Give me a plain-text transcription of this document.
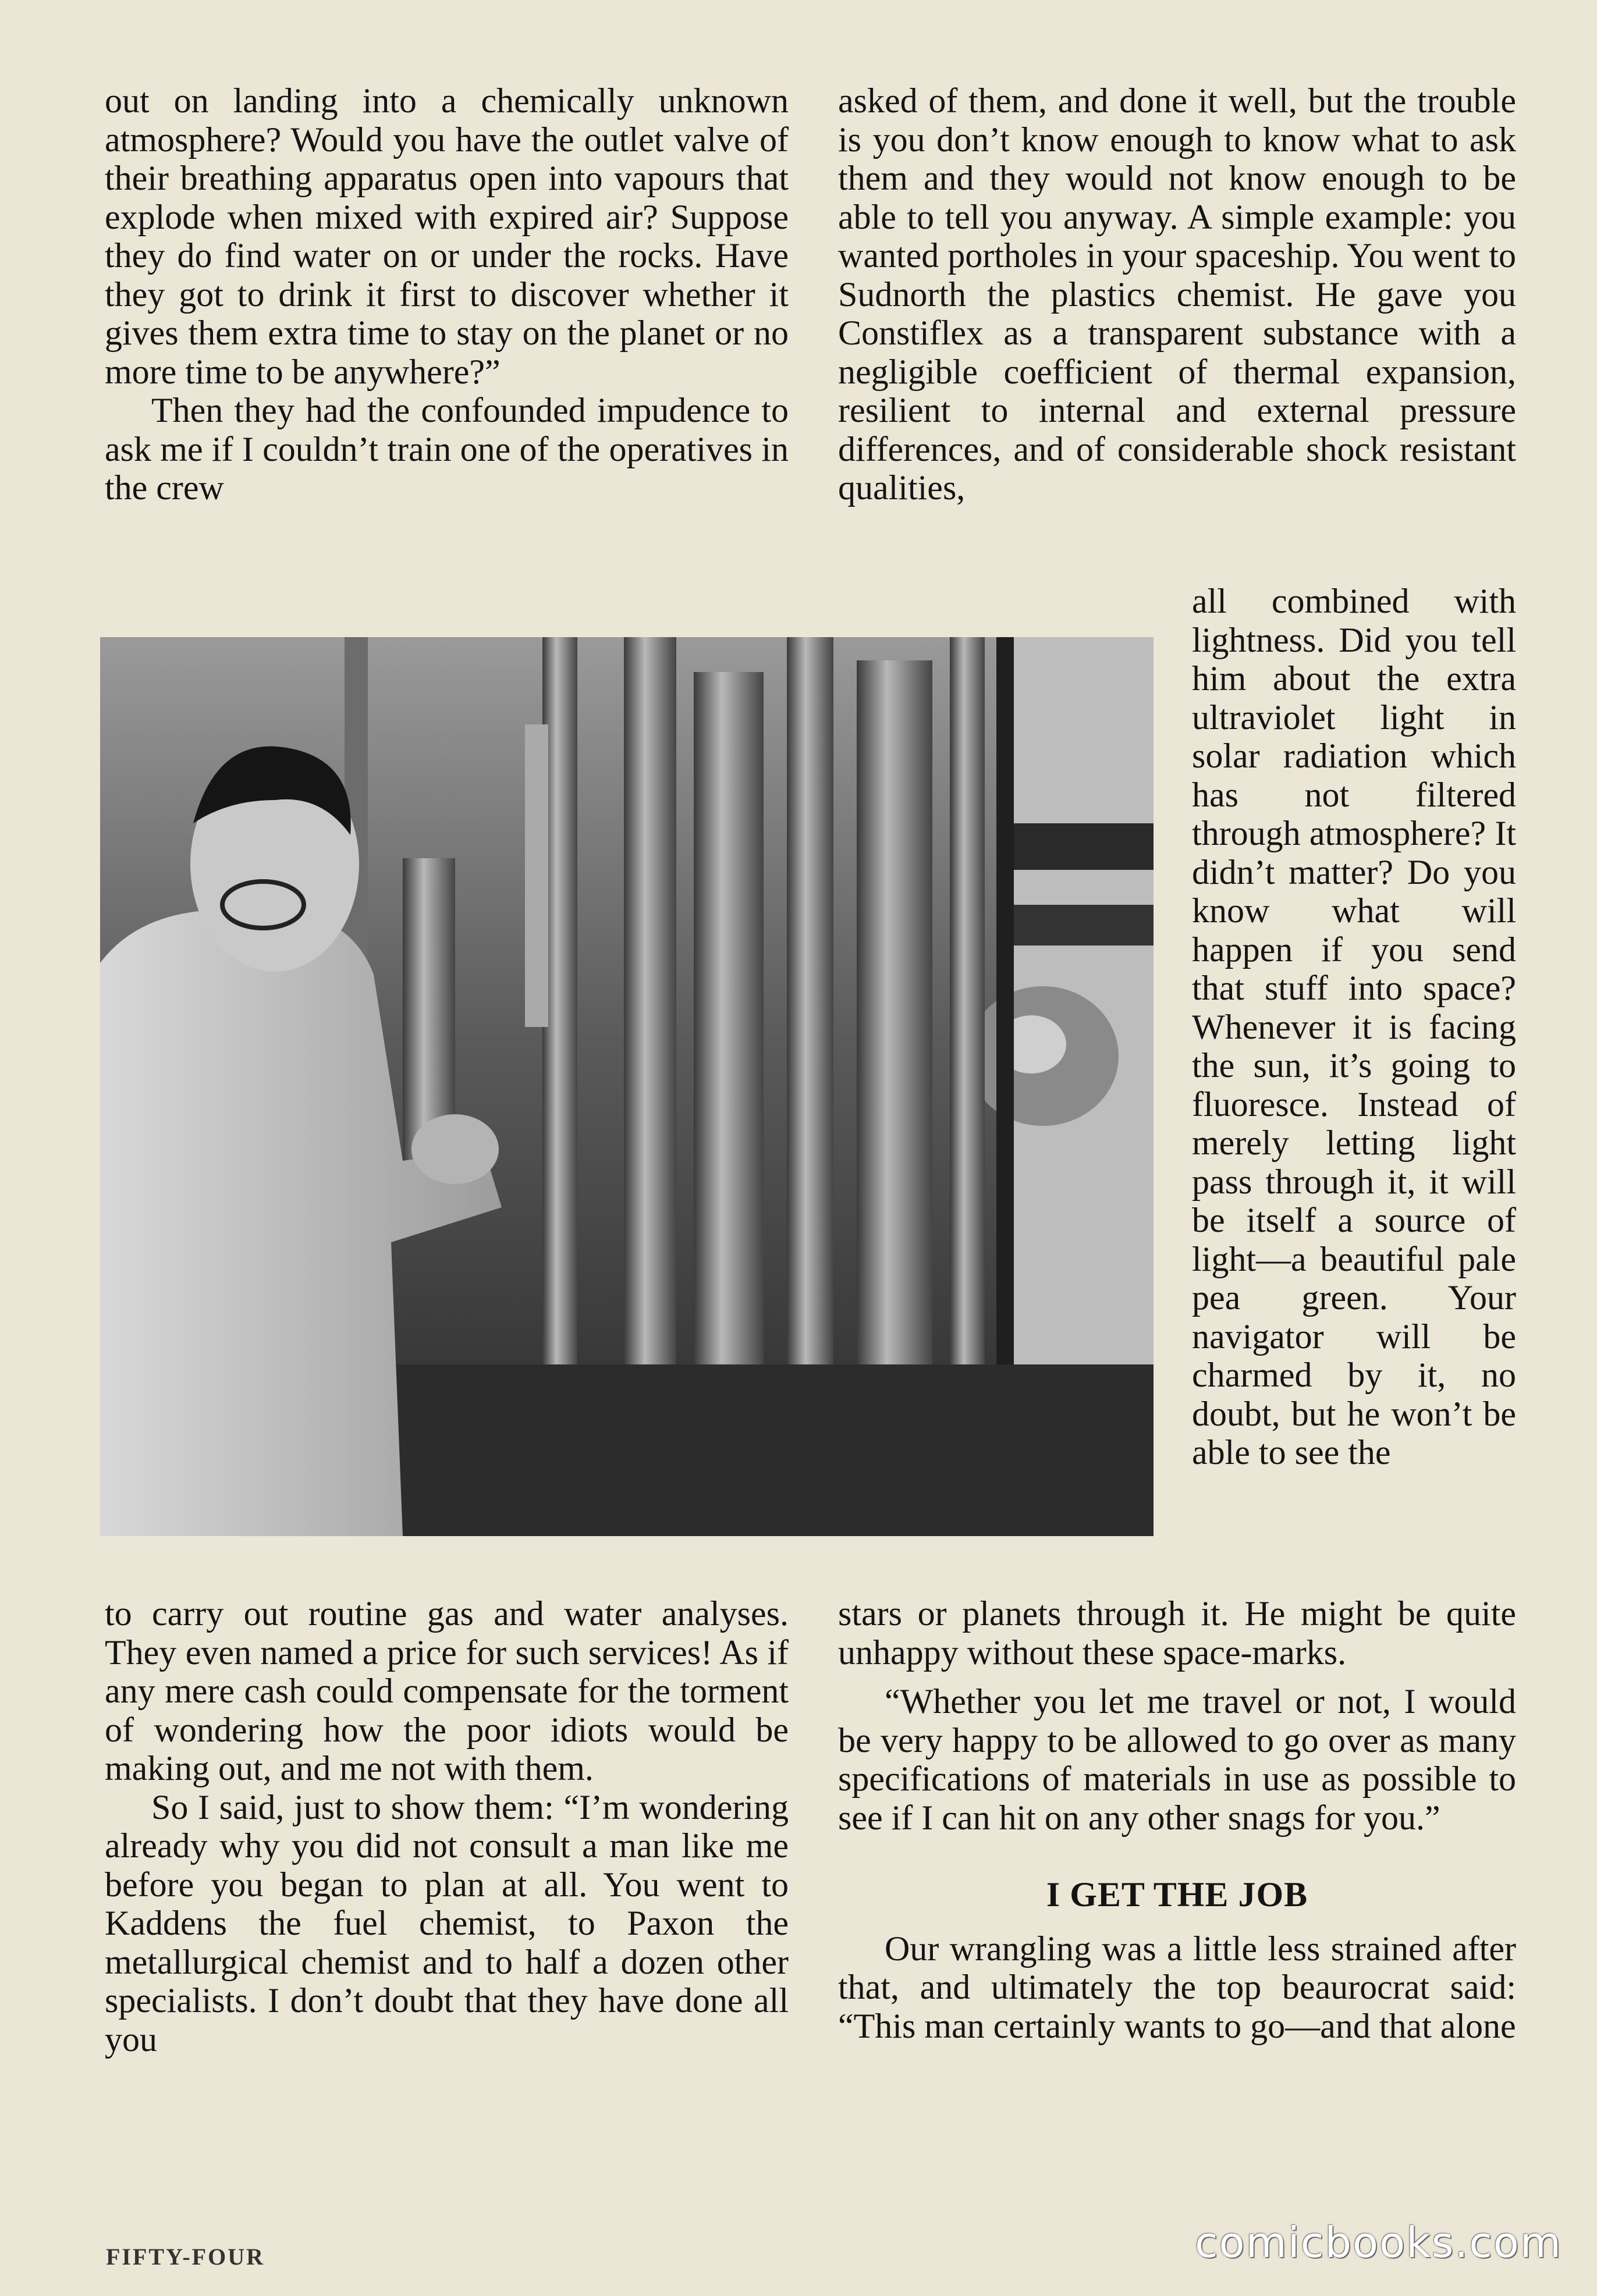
out on landing into a chemically unknown atmosphere? Would you have the outlet valve of their breathing apparatus open into vapours that explode when mixed with expired air? Suppose they do find water on or under the rocks. Have they got to drink it first to discover whether it gives them extra time to stay on the planet or no more time to be anywhere?”

Then they had the confounded impudence to ask me if I couldn’t train one of the operatives in the crew

asked of them, and done it well, but the trouble is you don’t know enough to know what to ask them and they would not know enough to be able to tell you anyway. A simple example: you wanted portholes in your spaceship. You went to Sudnorth the plastics chemist. He gave you Constiflex as a transparent substance with a negligible coefficient of thermal expansion, resilient to internal and external pressure differences, and of considerable shock resistant qualities,

all combined with lightness. Did you tell him about the extra ultraviolet light in solar radiation which has not filtered through atmosphere? It didn’t matter? Do you know what will happen if you send that stuff into space? Whenever it is facing the sun, it’s going to fluoresce. Instead of merely letting light pass through it, it will be itself a source of light—a beautiful pale pea green. Your navigator will be charmed by it, no doubt, but he won’t be able to see the

to carry out routine gas and water analyses. They even named a price for such services! As if any mere cash could compensate for the torment of wondering how the poor idiots would be making out, and me not with them.

So I said, just to show them: “I’m wondering already why you did not consult a man like me before you began to plan at all. You went to Kaddens the fuel chemist, to Paxon the metallurgical chemist and to half a dozen other specialists. I don’t doubt that they have done all you

stars or planets through it. He might be quite unhappy without these space-marks.

“Whether you let me travel or not, I would be very happy to be allowed to go over as many specifications of materials in use as possible to see if I can hit on any other snags for you.”

I GET THE JOB

Our wrangling was a little less strained after that, and ultimately the top beaurocrat said: “This man certainly wants to go—and that alone

FIFTY-FOUR	comicbooks.com
